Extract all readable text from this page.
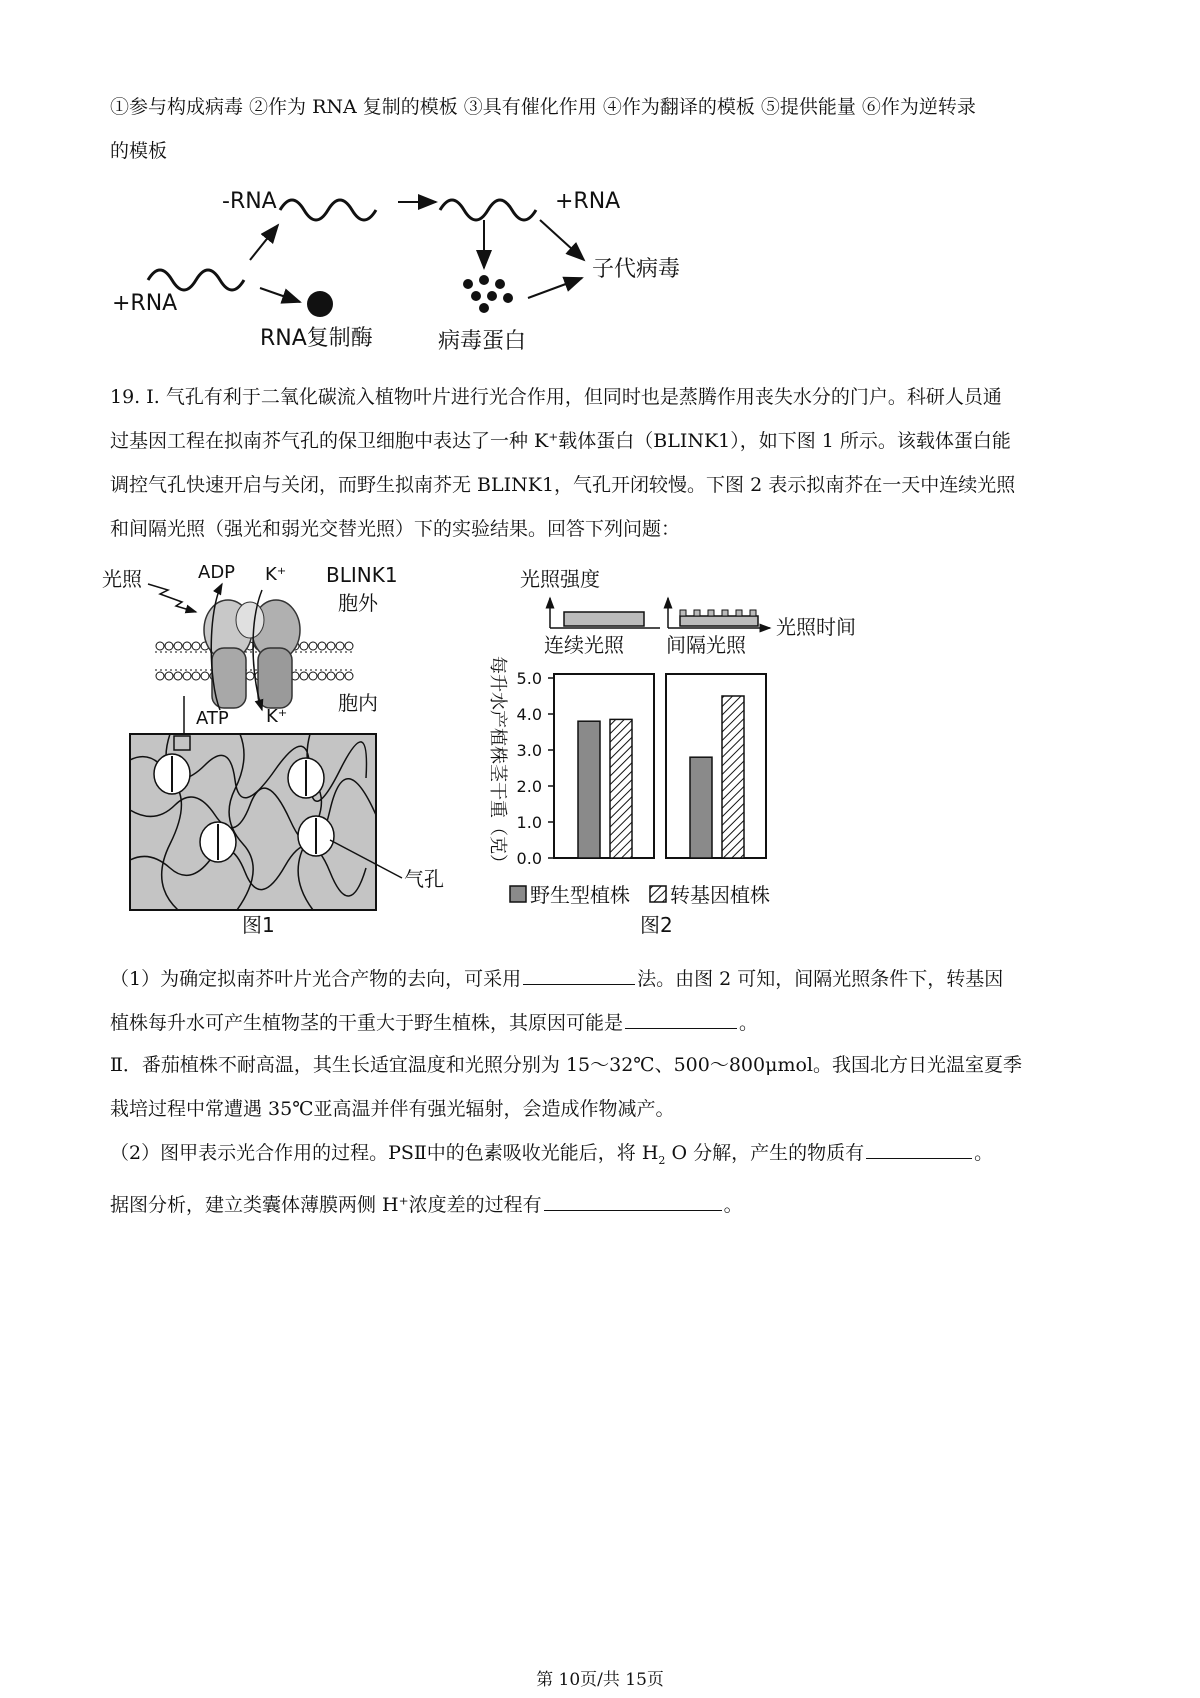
①参与构成病毒 ②作为 RNA 复制的模板 ③具有催化作用 ④作为翻译的模板 ⑤提供能量 ⑥作为逆转录
的模板
-RNA	+RNA
+RNA
RNA复制酶	病毒蛋白
子代病毒
19. I. 气孔有利于二氧化碳流入植物叶片进行光合作用，但同时也是蒸腾作用丧失水分的门户。科研人员通
过基因工程在拟南芥气孔的保卫细胞中表达了一种 K⁺载体蛋白（BLINK1），如下图 1 所示。该载体蛋白能
调控气孔快速开启与关闭，而野生拟南芥无 BLINK1，气孔开闭较慢。下图 2 表示拟南芥在一天中连续光照
和间隔光照（强光和弱光交替光照）下的实验结果。回答下列问题：
光照	ADP K⁺ BLINK1
胞外
ATP K⁺
胞内
气孔
图1
光照强度
连续光照 间隔光照
光照时间
每升水产植株茎干重（克） 0.0
1.0
2.0
3.0
4.0
5.0
野生型植株 转基因植株
图2
（1）为确定拟南芥叶片光合产物的去向，可采用	法。由图 2 可知，间隔光照条件下，转基因
植株每升水可产生植物茎的干重大于野生植株，其原因可能是	。
Ⅱ．番茄植株不耐高温，其生长适宜温度和光照分别为 15～32℃、500～800μmol。我国北方日光温室夏季
栽培过程中常遭遇 35℃亚高温并伴有强光辐射，会造成作物减产。
（2）图甲表示光合作用的过程。PSⅡ中的色素吸收光能后，将 $H_2$ O 分解，产生的物质有	。
据图分析，建立类囊体薄膜两侧 H⁺浓度差的过程有	。
第 10页/共 15页
